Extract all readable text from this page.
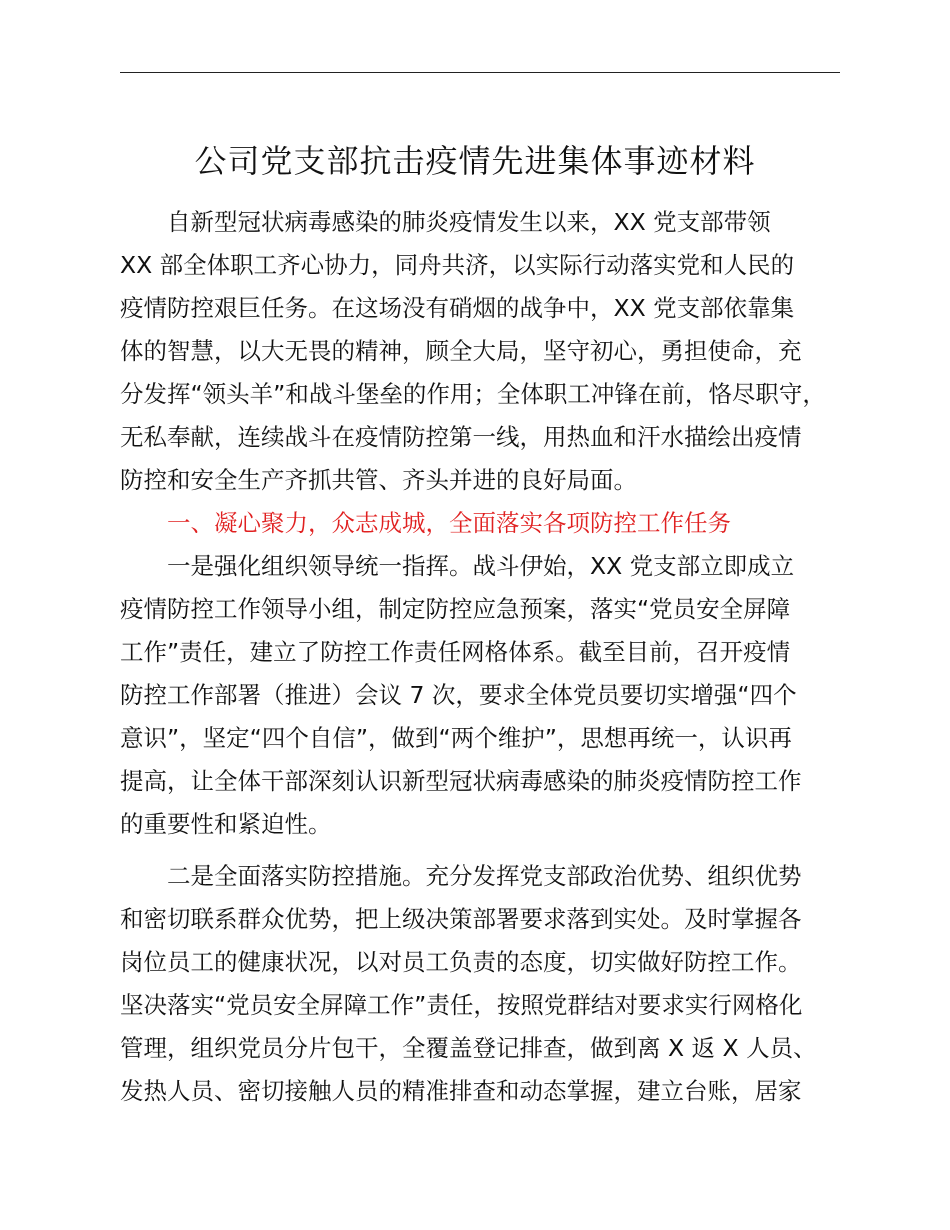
公司党支部抗击疫情先进集体事迹材料
　　自新型冠状病毒感染的肺炎疫情发生以来，XX 党支部带领
XX 部全体职工齐心协力，同舟共济，以实际行动落实党和人民的
疫情防控艰巨任务。在这场没有硝烟的战争中，XX 党支部依靠集
体的智慧，以大无畏的精神，顾全大局，坚守初心，勇担使命，充
分发挥“领头羊”和战斗堡垒的作用；全体职工冲锋在前，恪尽职守，
无私奉献，连续战斗在疫情防控第一线，用热血和汗水描绘出疫情
防控和安全生产齐抓共管、齐头并进的良好局面。
　　一、凝心聚力，众志成城，全面落实各项防控工作任务
　　一是强化组织领导统一指挥。战斗伊始，XX 党支部立即成立
疫情防控工作领导小组，制定防控应急预案，落实“党员安全屏障
工作”责任，建立了防控工作责任网格体系。截至目前，召开疫情
防控工作部署（推进）会议 7 次，要求全体党员要切实增强“四个
意识”，坚定“四个自信”，做到“两个维护”，思想再统一，认识再
提高，让全体干部深刻认识新型冠状病毒感染的肺炎疫情防控工作
的重要性和紧迫性。
　　二是全面落实防控措施。充分发挥党支部政治优势、组织优势
和密切联系群众优势，把上级决策部署要求落到实处。及时掌握各
岗位员工的健康状况，以对员工负责的态度，切实做好防控工作。
坚决落实“党员安全屏障工作”责任，按照党群结对要求实行网格化
管理，组织党员分片包干，全覆盖登记排查，做到离 X 返 X 人员、
发热人员、密切接触人员的精准排查和动态掌握，建立台账，居家
